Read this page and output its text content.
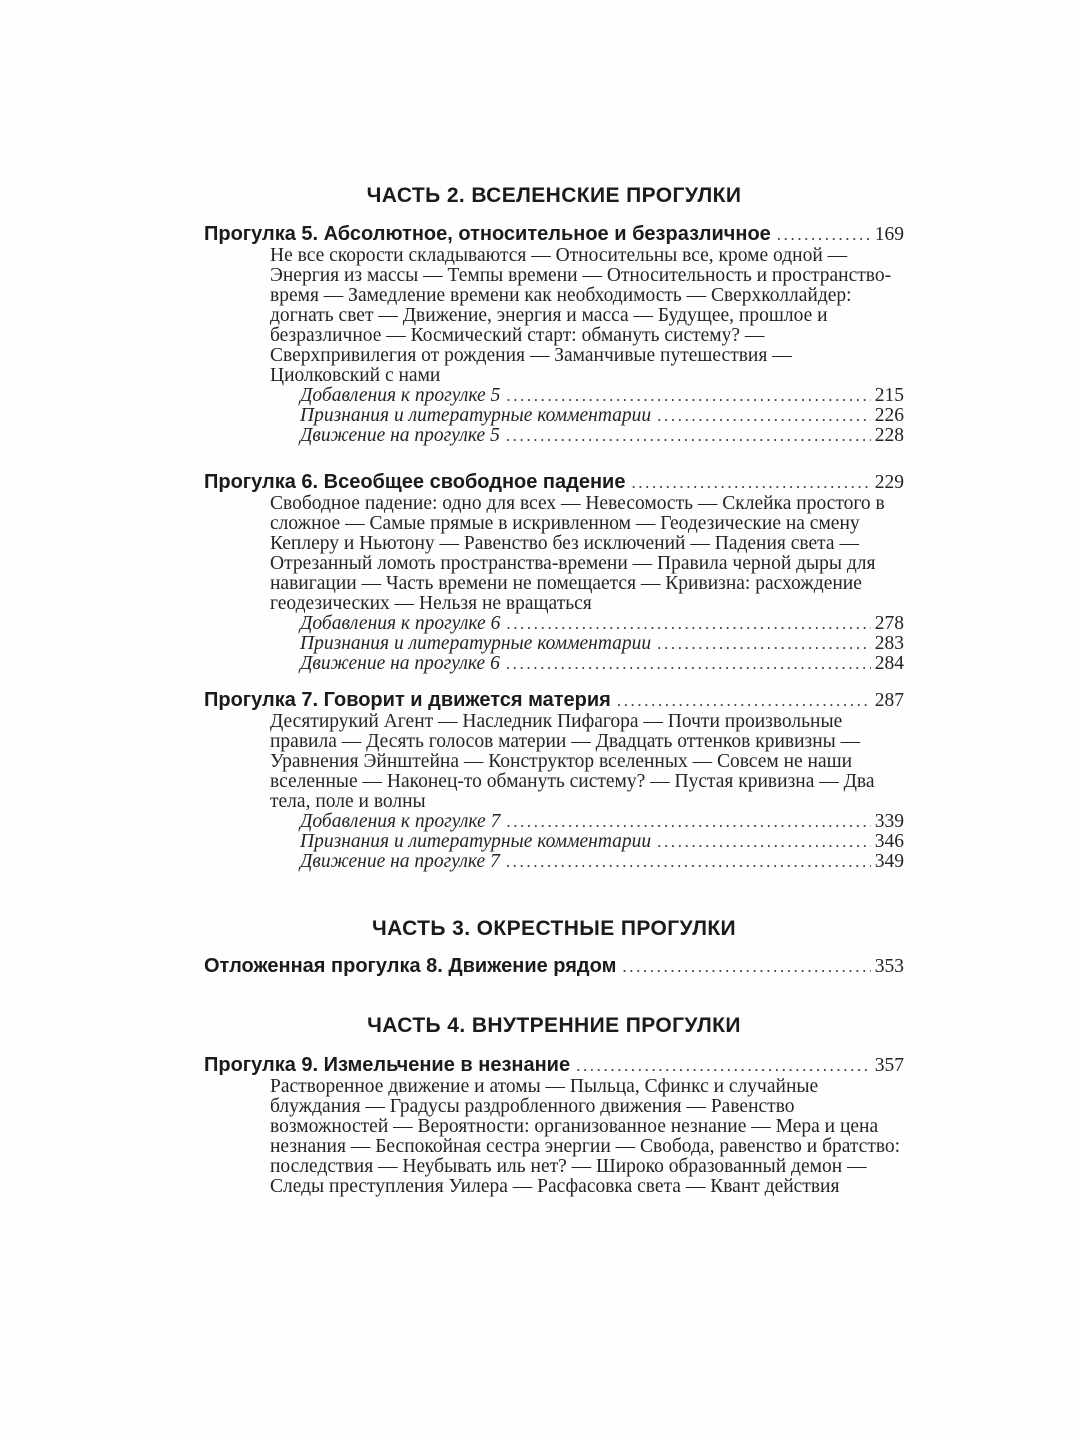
ЧАСТЬ 2. ВСЕЛЕНСКИЕ ПРОГУЛКИ
Прогулка 5. Абсолютное, относительное и безразличное .....	169

Не все скорости складываются — Относительны все, кроме одной — Энергия из массы — Темпы времени — Относительность и пространство-время — Замедление времени как необходимость — Сверхколлайдер: догнать свет — Движение, энергия и масса — Будущее, прошлое и безразличное — Космический старт: обмануть систему? — Сверхпривилегия от рождения — Заманчивые путешествия — Циолковский с нами

Добавления к прогулке 5 .....	215
Признания и литературные комментарии .....	226
Движение на прогулке 5 .....	228
Прогулка 6. Всеобщее свободное падение .....	229

Свободное падение: одно для всех — Невесомость — Склейка простого в сложное — Самые прямые в искривленном — Геодезические на смену Кеплеру и Ньютону — Равенство без исключений — Падения света — Отрезанный ломоть пространства-времени — Правила черной дыры для навигации — Часть времени не помещается — Кривизна: расхождение геодезических — Нельзя не вращаться

Добавления к прогулке 6 .....	278
Признания и литературные комментарии .....	283
Движение на прогулке 6 .....	284
Прогулка 7. Говорит и движется материя .....	287

Десятирукий Агент — Наследник Пифагора — Почти произвольные правила — Десять голосов материи — Двадцать оттенков кривизны — Уравнения Эйнштейна — Конструктор вселенных — Совсем не наши вселенные — Наконец-то обмануть систему? — Пустая кривизна — Два тела, поле и волны

Добавления к прогулке 7 .....	339
Признания и литературные комментарии .....	346
Движение на прогулке 7 .....	349
ЧАСТЬ 3. ОКРЕСТНЫЕ ПРОГУЛКИ
Отложенная прогулка 8. Движение рядом .....	353
ЧАСТЬ 4. ВНУТРЕННИЕ ПРОГУЛКИ
Прогулка 9. Измельчение в незнание .....	357

Растворенное движение и атомы — Пыльца, Сфинкс и случайные блуждания — Градусы раздробленного движения — Равенство возможностей — Вероятности: организованное незнание — Мера и цена незнания — Беспокойная сестра энергии — Свобода, равенство и братство: последствия — Неубывать иль нет? — Широко образованный демон — Следы преступления Уилера — Расфасовка света — Квант действия
